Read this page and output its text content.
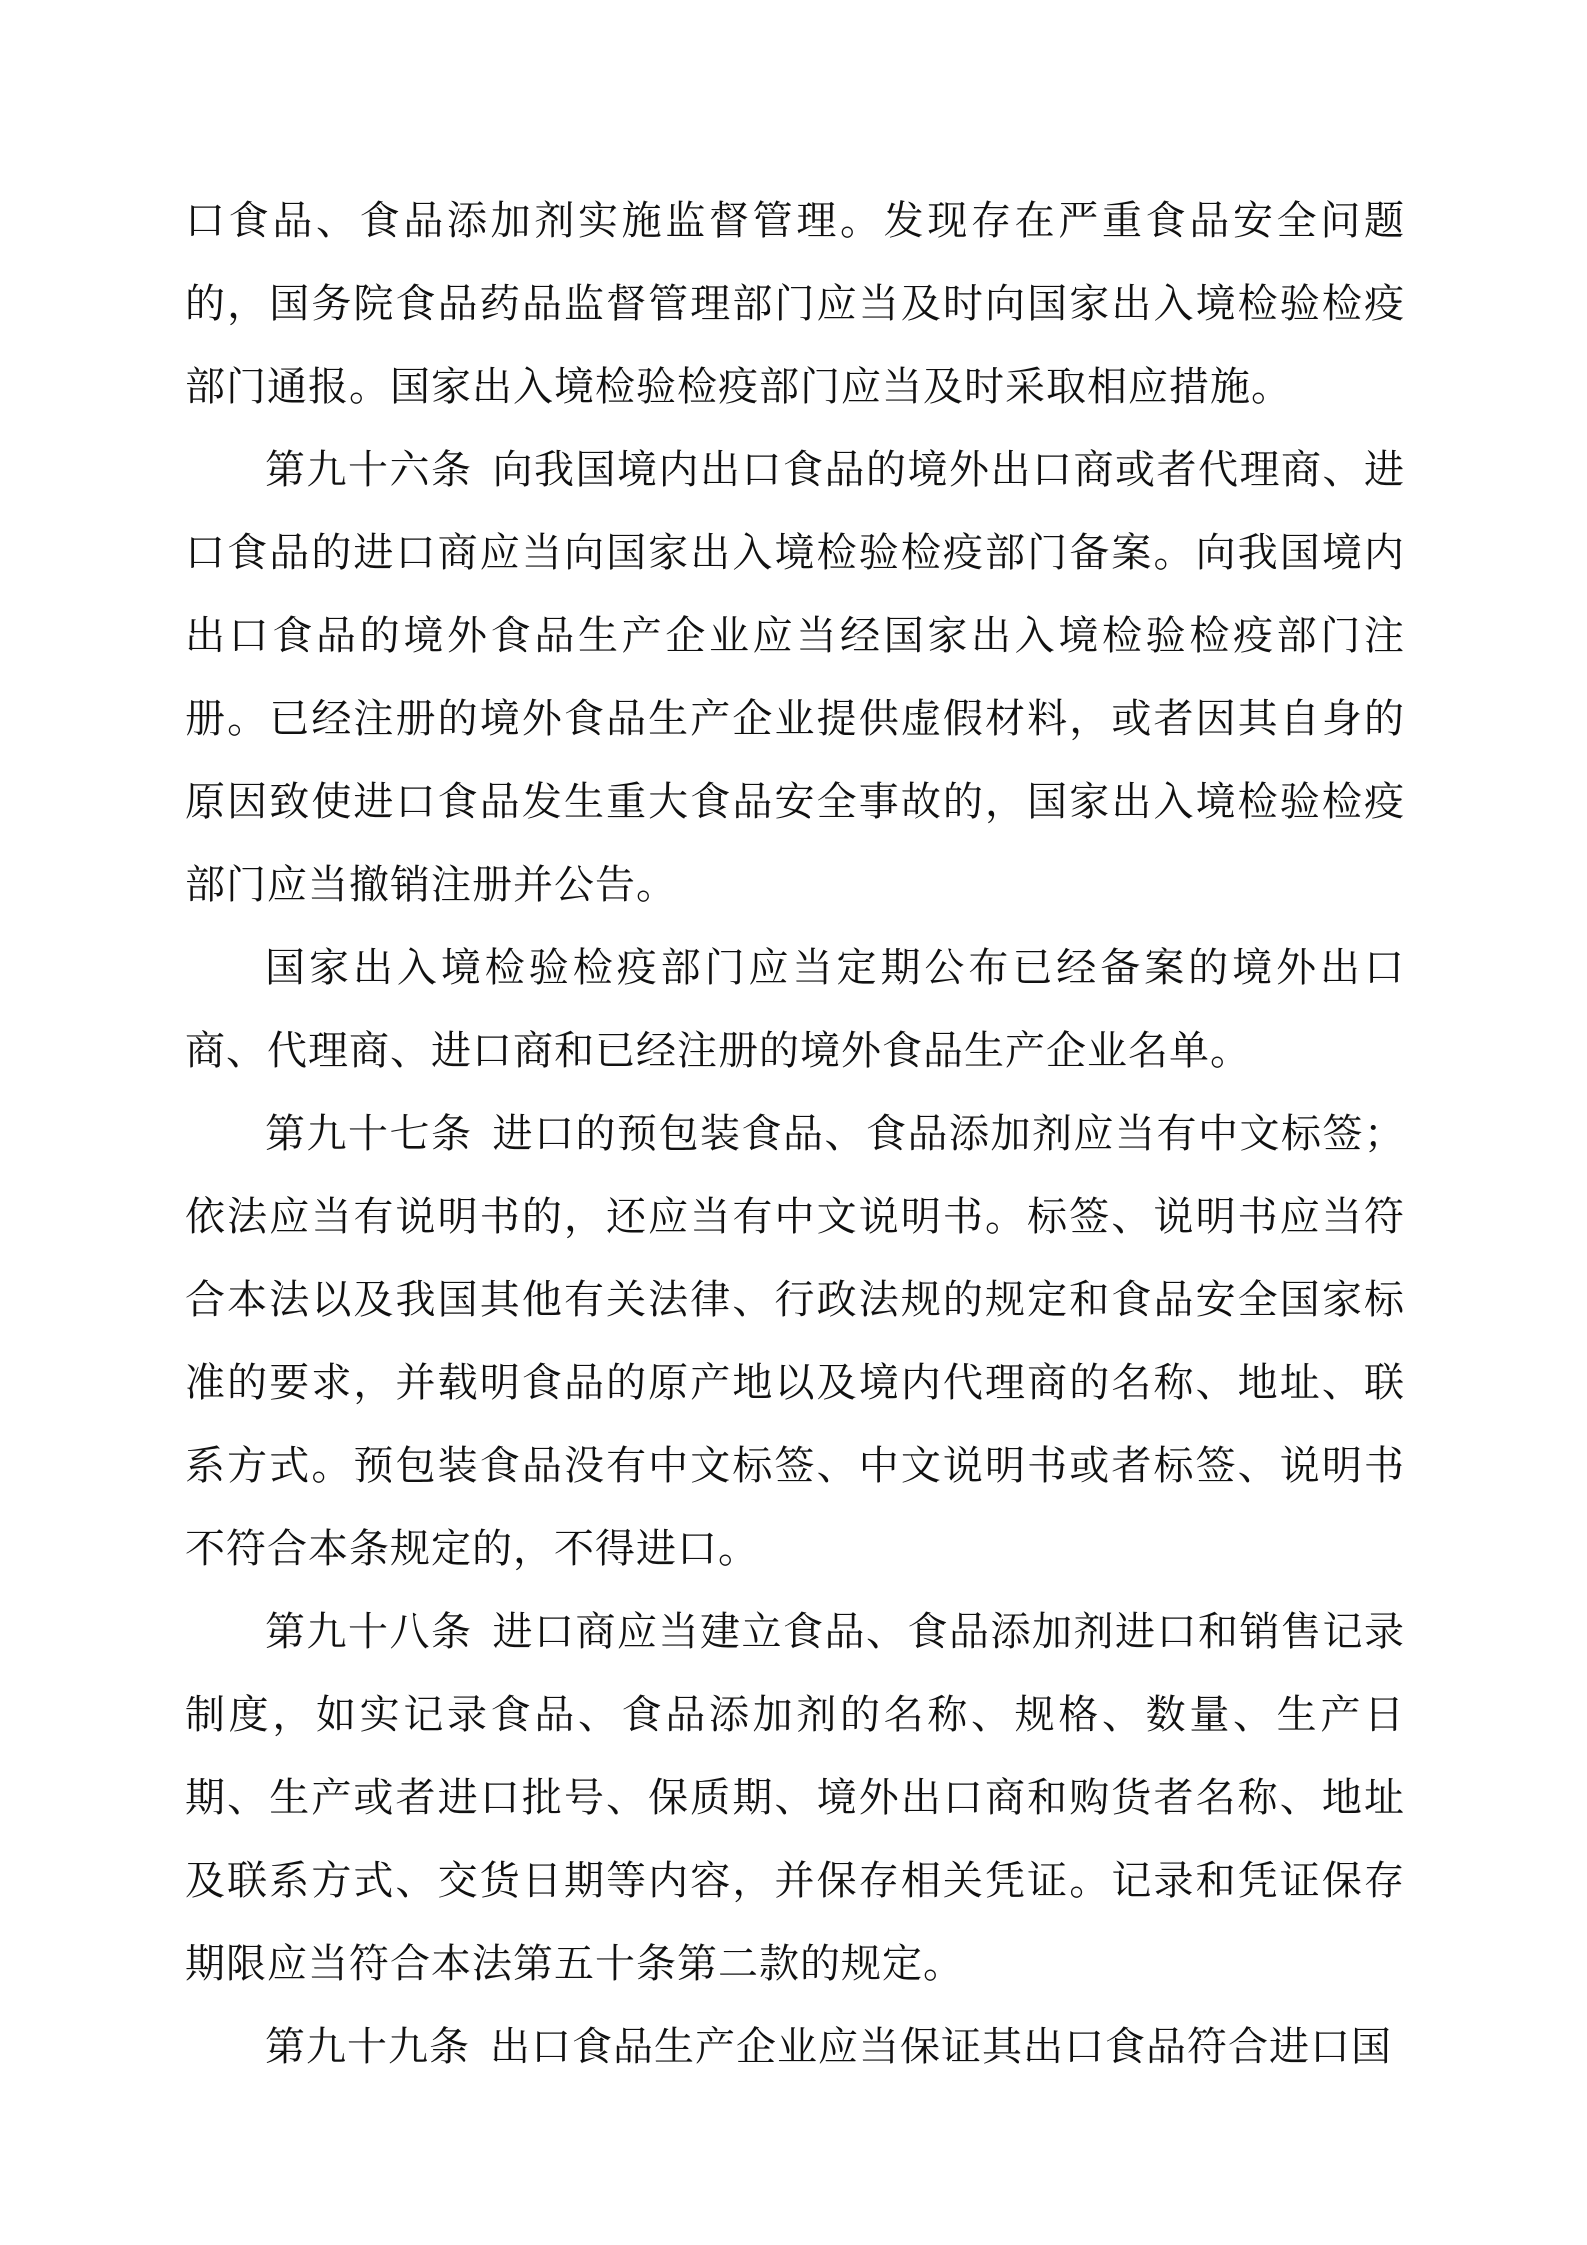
口食品、食品添加剂实施监督管理。发现存在严重食品安全问题的，国务院食品药品监督管理部门应当及时向国家出入境检验检疫部门通报。国家出入境检验检疫部门应当及时采取相应措施。

第九十六条 向我国境内出口食品的境外出口商或者代理商、进口食品的进口商应当向国家出入境检验检疫部门备案。向我国境内出口食品的境外食品生产企业应当经国家出入境检验检疫部门注册。已经注册的境外食品生产企业提供虚假材料，或者因其自身的原因致使进口食品发生重大食品安全事故的，国家出入境检验检疫部门应当撤销注册并公告。

国家出入境检验检疫部门应当定期公布已经备案的境外出口商、代理商、进口商和已经注册的境外食品生产企业名单。

第九十七条 进口的预包装食品、食品添加剂应当有中文标签；依法应当有说明书的，还应当有中文说明书。标签、说明书应当符合本法以及我国其他有关法律、行政法规的规定和食品安全国家标准的要求，并载明食品的原产地以及境内代理商的名称、地址、联系方式。预包装食品没有中文标签、中文说明书或者标签、说明书不符合本条规定的，不得进口。

第九十八条 进口商应当建立食品、食品添加剂进口和销售记录制度，如实记录食品、食品添加剂的名称、规格、数量、生产日期、生产或者进口批号、保质期、境外出口商和购货者名称、地址及联系方式、交货日期等内容，并保存相关凭证。记录和凭证保存期限应当符合本法第五十条第二款的规定。

第九十九条 出口食品生产企业应当保证其出口食品符合进口国
